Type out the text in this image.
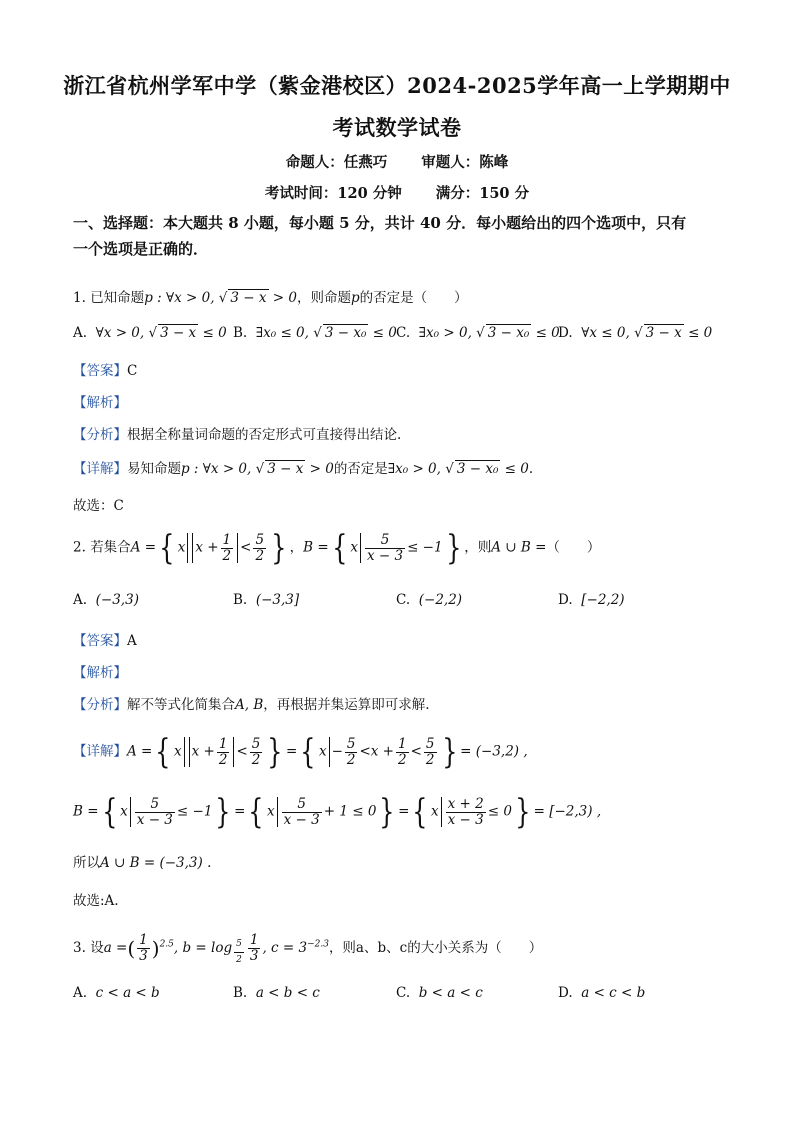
浙江省杭州学军中学（紫金港校区）2024-2025学年高一上学期期中
考试数学试卷
命题人：任燕巧 审题人：陈峰
考试时间：120 分钟 满分：150 分
一、选择题：本大题共 8 小题，每小题 5 分，共计 40 分．每小题给出的四个选项中，只有
一个选项是正确的．
1. 已知命题p : ∀x > 0, √ 3 − x > 0，则命题p的否定是（　　）
A. ∀x > 0, √ 3 − x ≤ 0 B. ∃x₀ ≤ 0, √ 3 − x₀ ≤ 0 C. ∃x₀ > 0, √ 3 − x₀ ≤ 0
D. ∀x ≤ 0, √ 3 − x ≤ 0
【答案】C
【解析】
【分析】根据全称量词命题的否定形式可直接得出结论.
【详解】易知命题p : ∀x > 0, √ 3 − x > 0的否定是∃x₀ > 0, √ 3 − x₀ ≤ 0.
故选：C
2. 若集合A ={ x $x + \frac{1}{2} < \frac{5}{2}$ } ，B ={ x $\frac{5}{x - 3} \le -1$} ，则A ∪ B =（　　）
A. (−3,3)	B. (−3,3]	C. (−2,2)	D. [−2,2)
【答案】A
【解析】
【分析】解不等式化简集合A, B，再根据并集运算即可求解.
【详解】A ={ x $x + \frac{1}{2} < \frac{5}{2}$ } ={ $x - \frac{5}{2} <x + \frac{1}{2} < \frac{5}{2}$ } = (−3,2) ,
B ={ x $\frac{5}{x - 3} \le -1$} ={ x $\frac{5}{x - 3} + 1 \le 0$} ={ x $\frac{x + 2}{x - 3} \le 0\} = [-2,3)$ ,
所以A ∪ B = (−3,3) .
故选:A.
3. 设a =( $\frac{1}{3} )^{2.5}$, $b = \log _{\frac{5}{2}} \frac{1}{3}$ , $c = 3^{-2.3}$，则a、b、c的大小关系为（　　）
A. c < a < b	B. a < b < c	C. b < a < c	D. a < c < b
